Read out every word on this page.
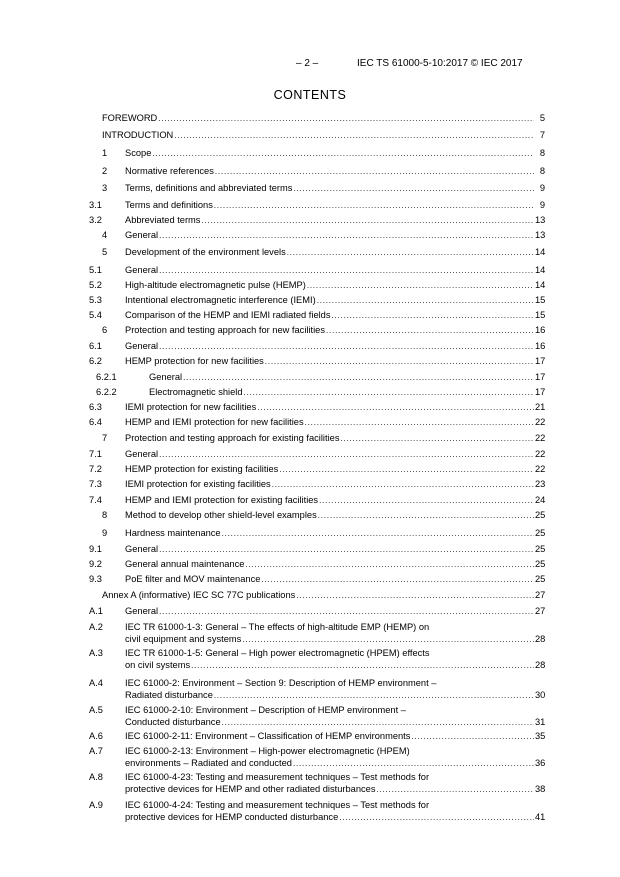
– 2 –	IEC TS 61000-5-10:2017 © IEC 2017
CONTENTS
FOREWORD .....	5
INTRODUCTION .....	7
1 Scope .....	8
2 Normative references .....	8
3 Terms, definitions and abbreviated terms .....	9
3.1 Terms and definitions .....	9
3.2 Abbreviated terms .....	13
4 General .....	13
5 Development of the environment levels .....	14
5.1 General .....	14
5.2 High-altitude electromagnetic pulse (HEMP) .....	14
5.3 Intentional electromagnetic interference (IEMI) .....	15
5.4 Comparison of the HEMP and IEMI radiated fields .....	15
6 Protection and testing approach for new facilities .....	16
6.1 General .....	16
6.2 HEMP protection for new facilities .....	17
6.2.1	General .....	17
6.2.2	Electromagnetic shield .....	17
6.3 IEMI protection for new facilities .....	21
6.4 HEMP and IEMI protection for new facilities .....	22
7 Protection and testing approach for existing facilities .....	22
7.1 General .....	22
7.2 HEMP protection for existing facilities .....	22
7.3 IEMI protection for existing facilities .....	23
7.4 HEMP and IEMI protection for existing facilities .....	24
8 Method to develop other shield-level examples .....	25
9 Hardness maintenance .....	25
9.1 General .....	25
9.2 General annual maintenance .....	25
9.3 PoE filter and MOV maintenance .....	25
Annex A (informative) IEC SC 77C publications .....	27
A.1 General .....	27
A.2 IEC TR 61000-1-3: General – The effects of high-altitude EMP (HEMP) on
civil equipment and systems .....	28
A.3 IEC TR 61000-1-5: General – High power electromagnetic (HPEM) effects
on civil systems .....	28
A.4 IEC 61000-2: Environment – Section 9: Description of HEMP environment –
Radiated disturbance .....	30
A.5 IEC 61000-2-10: Environment – Description of HEMP environment –
Conducted disturbance .....	31
A.6 IEC 61000-2-11: Environment – Classification of HEMP environments .....	35
A.7 IEC 61000-2-13: Environment – High-power electromagnetic (HPEM)
environments – Radiated and conducted .....	36
A.8 IEC 61000-4-23: Testing and measurement techniques – Test methods for
protective devices for HEMP and other radiated disturbances .....	38
A.9 IEC 61000-4-24: Testing and measurement techniques – Test methods for
protective devices for HEMP conducted disturbance .....	41
